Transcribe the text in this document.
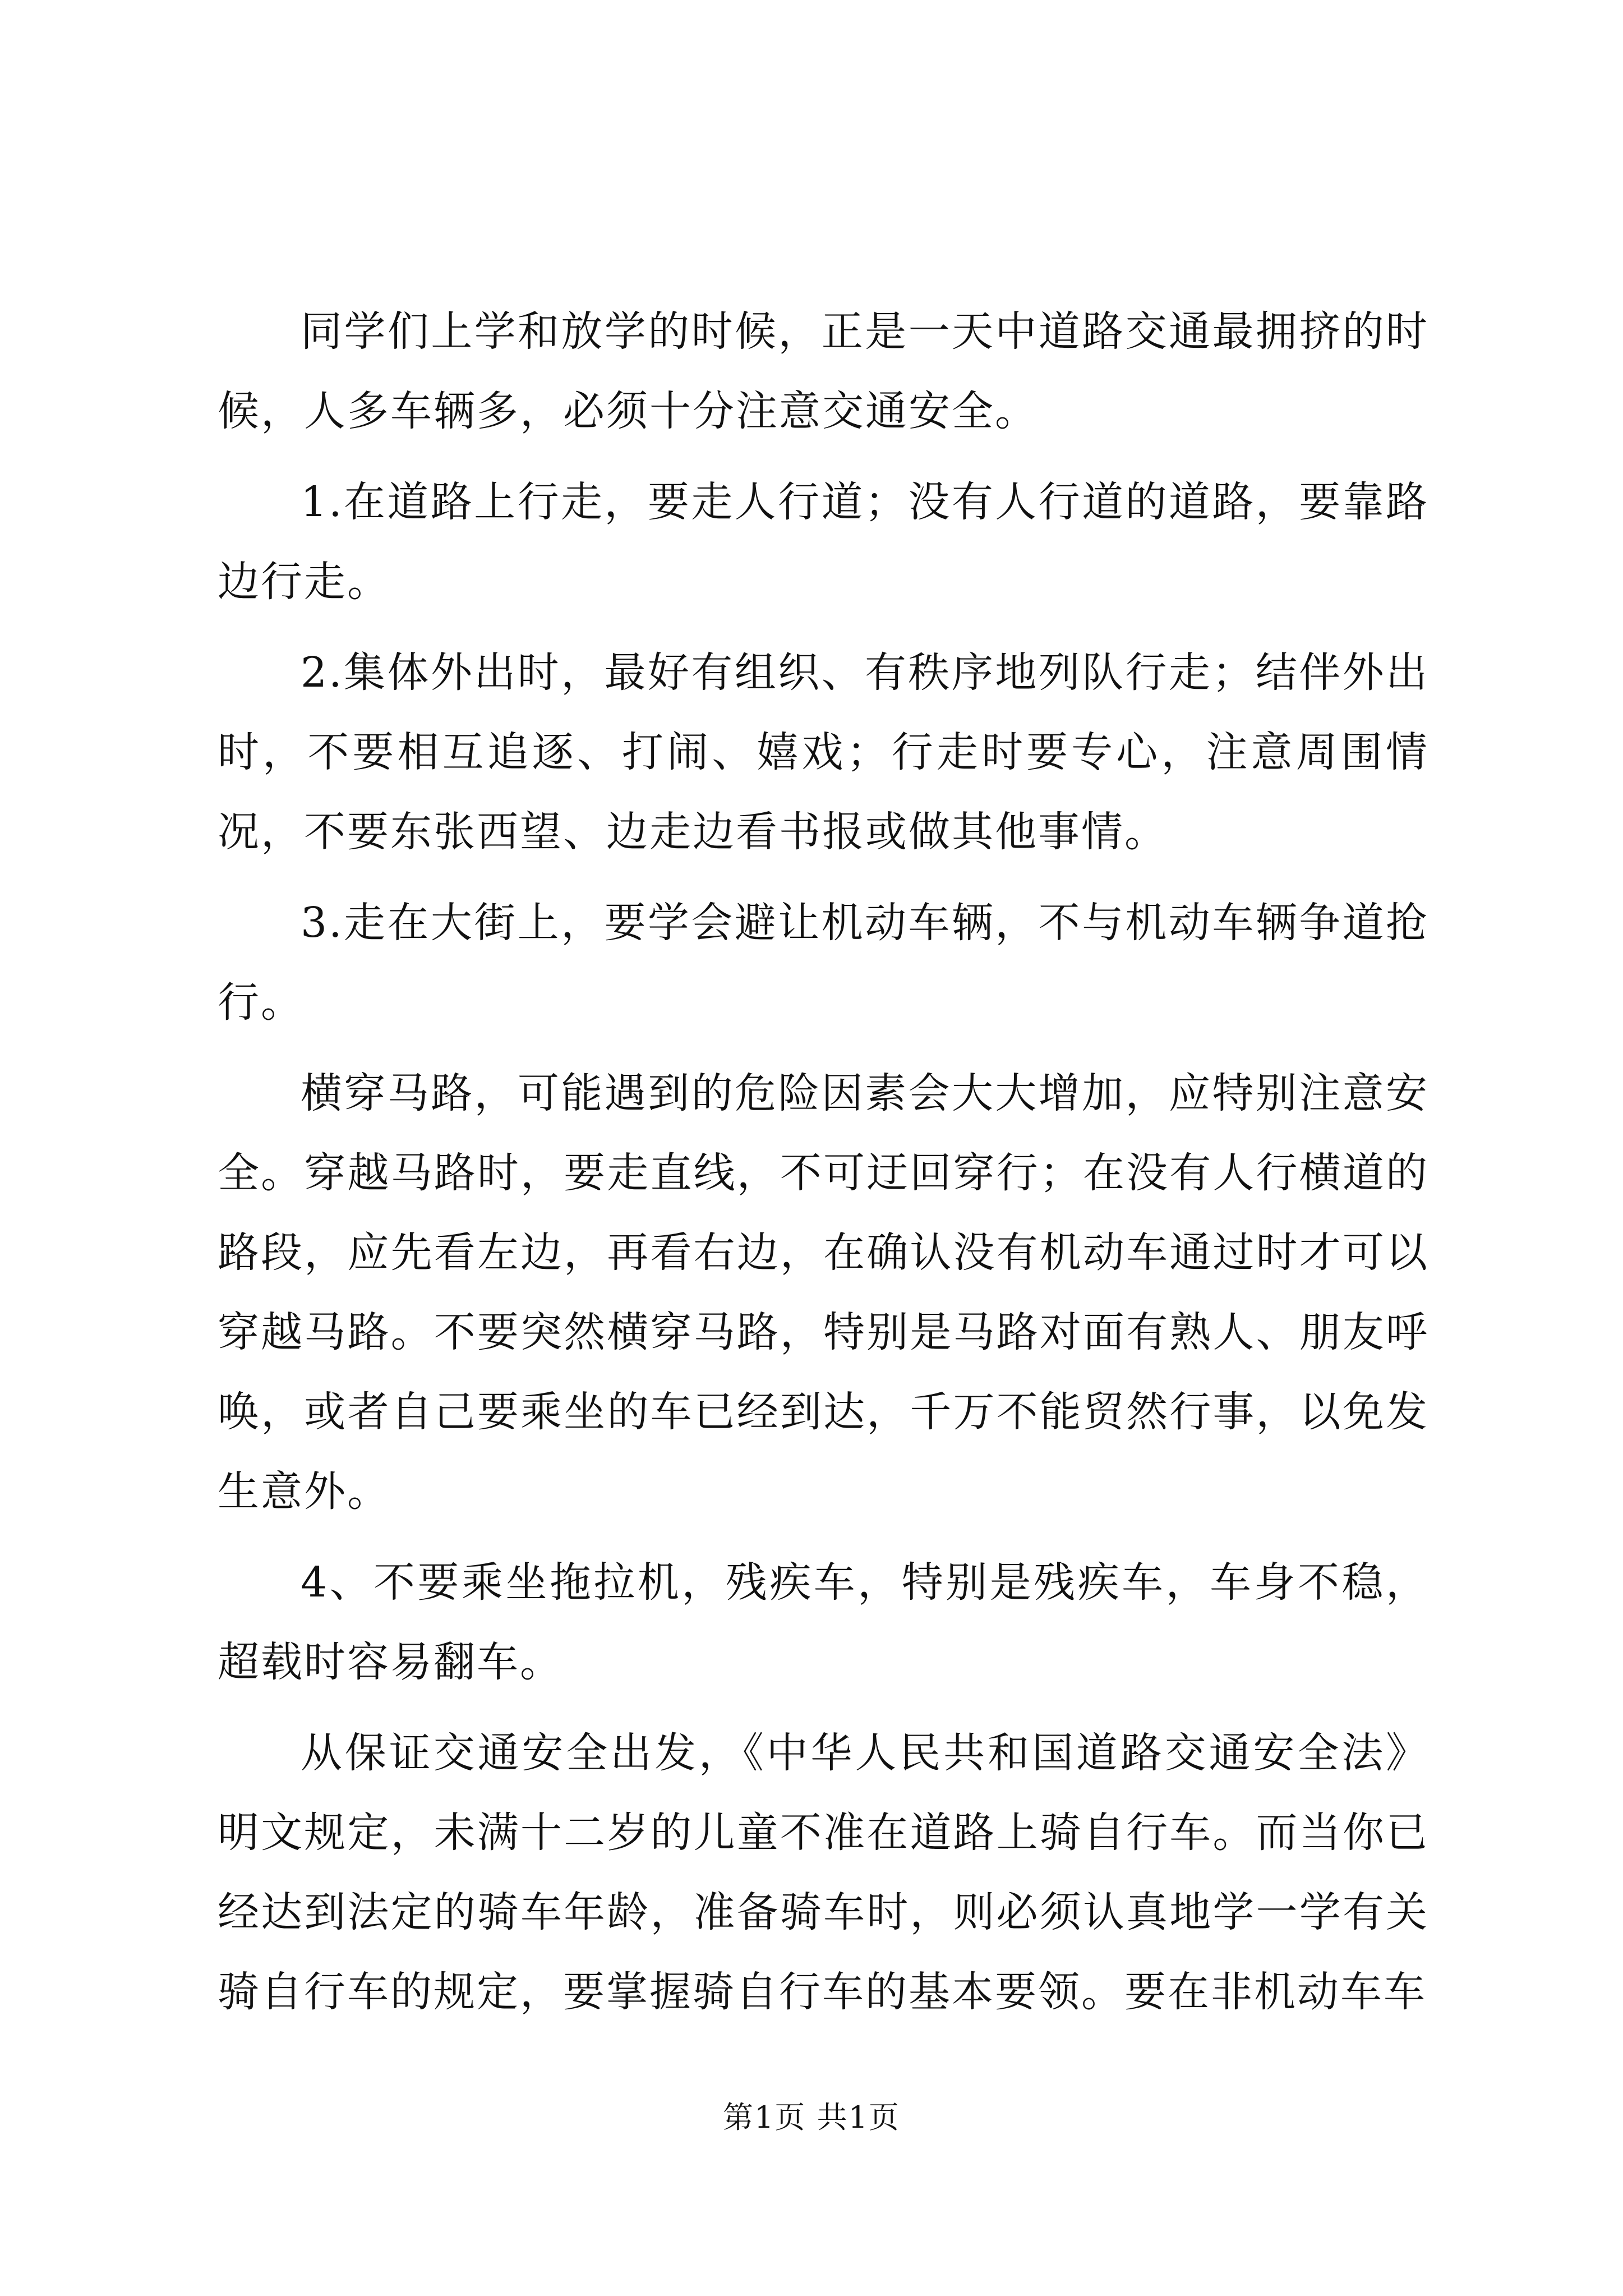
同学们上学和放学的时候，正是一天中道路交通最拥挤的时候，人多车辆多，必须十分注意交通安全。

1.在道路上行走，要走人行道；没有人行道的道路，要靠路边行走。

2.集体外出时，最好有组织、有秩序地列队行走；结伴外出时，不要相互追逐、打闹、嬉戏；行走时要专心，注意周围情况，不要东张西望、边走边看书报或做其他事情。

3.走在大街上，要学会避让机动车辆，不与机动车辆争道抢行。

横穿马路，可能遇到的危险因素会大大增加，应特别注意安全。穿越马路时，要走直线，不可迂回穿行；在没有人行横道的路段，应先看左边，再看右边，在确认没有机动车通过时才可以穿越马路。不要突然横穿马路，特别是马路对面有熟人、朋友呼唤，或者自己要乘坐的车已经到达，千万不能贸然行事，以免发生意外。

4、不要乘坐拖拉机，残疾车，特别是残疾车，车身不稳，超载时容易翻车。

从保证交通安全出发，《中华人民共和国道路交通安全法》明文规定，未满十二岁的儿童不准在道路上骑自行车。而当你已经达到法定的骑车年龄，准备骑车时，则必须认真地学一学有关骑自行车的规定，要掌握骑自行车的基本要领。要在非机动车车

第1页 共1页
